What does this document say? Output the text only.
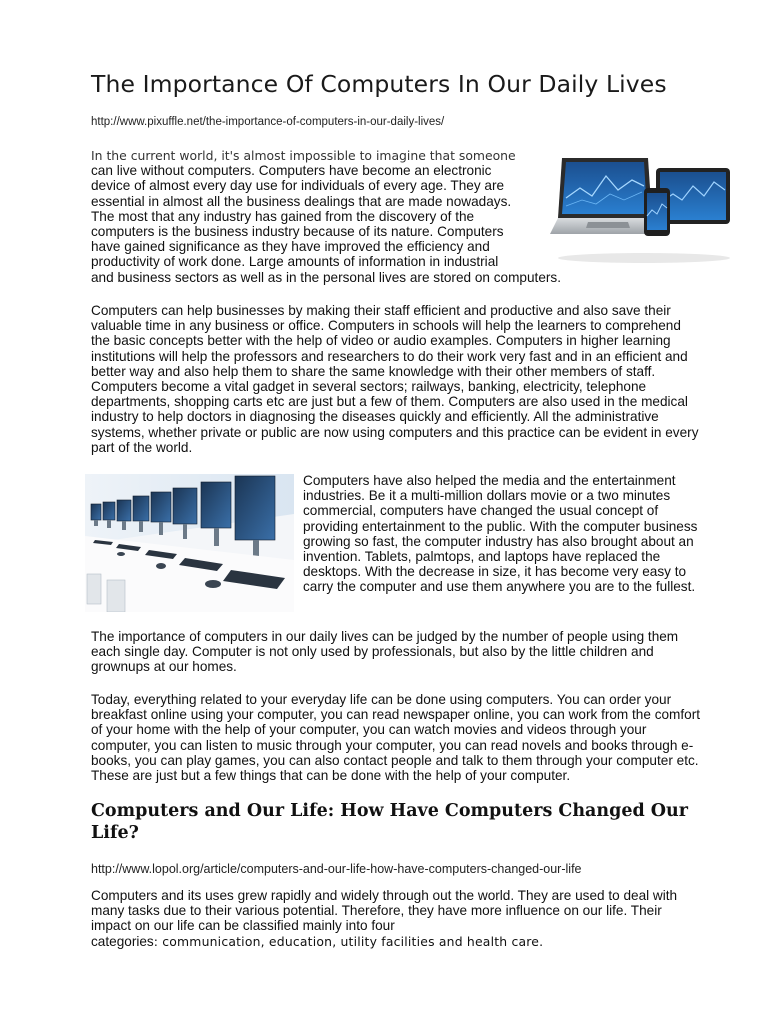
The Importance Of Computers In Our Daily Lives
http://www.pixuffle.net/the-importance-of-computers-in-our-daily-lives/

In the current world, it's almost impossible to imagine that someone
can live without computers. Computers have become an electronic
device of almost every day use for individuals of every age. They are
essential in almost all the business dealings that are made nowadays.
The most that any industry has gained from the discovery of the
computers is the business industry because of its nature. Computers
have gained significance as they have improved the efficiency and
productivity of work done. Large amounts of information in industrial
and business sectors as well as in the personal lives are stored on computers.

Computers can help businesses by making their staff efficient and productive and also save their valuable time in any business or office. Computers in schools will help the learners to comprehend the basic concepts better with the help of video or audio examples. Computers in higher learning institutions will help the professors and researchers to do their work very fast and in an efficient and better way and also help them to share the same knowledge with their other members of staff. Computers become a vital gadget in several sectors; railways, banking, electricity, telephone departments, shopping carts etc are just but a few of them. Computers are also used in the medical industry to help doctors in diagnosing the diseases quickly and efficiently. All the administrative systems, whether private or public are now using computers and this practice can be evident in every part of the world.

Computers have also helped the media and the entertainment industries. Be it a multi-million dollars movie or a two minutes commercial, computers have changed the usual concept of providing entertainment to the public. With the computer business growing so fast, the computer industry has also brought about an invention. Tablets, palmtops, and laptops have replaced the desktops. With the decrease in size, it has become very easy to carry the computer and use them anywhere you are to the fullest.

The importance of computers in our daily lives can be judged by the number of people using them each single day. Computer is not only used by professionals, but also by the little children and grownups at our homes.

Today, everything related to your everyday life can be done using computers. You can order your breakfast online using your computer, you can read newspaper online, you can work from the comfort of your home with the help of your computer, you can watch movies and videos through your computer, you can listen to music through your computer, you can read novels and books through e-books, you can play games, you can also contact people and talk to them through your computer etc. These are just but a few things that can be done with the help of your computer.

Computers and Our Life: How Have Computers Changed Our Life?
http://www.lopol.org/article/computers-and-our-life-how-have-computers-changed-our-life

Computers and its uses grew rapidly and widely through out the world. They are used to deal with many tasks due to their various potential. Therefore, they have more influence on our life. Their impact on our life can be classified mainly into four
categories: communication, education, utility facilities and health care.
